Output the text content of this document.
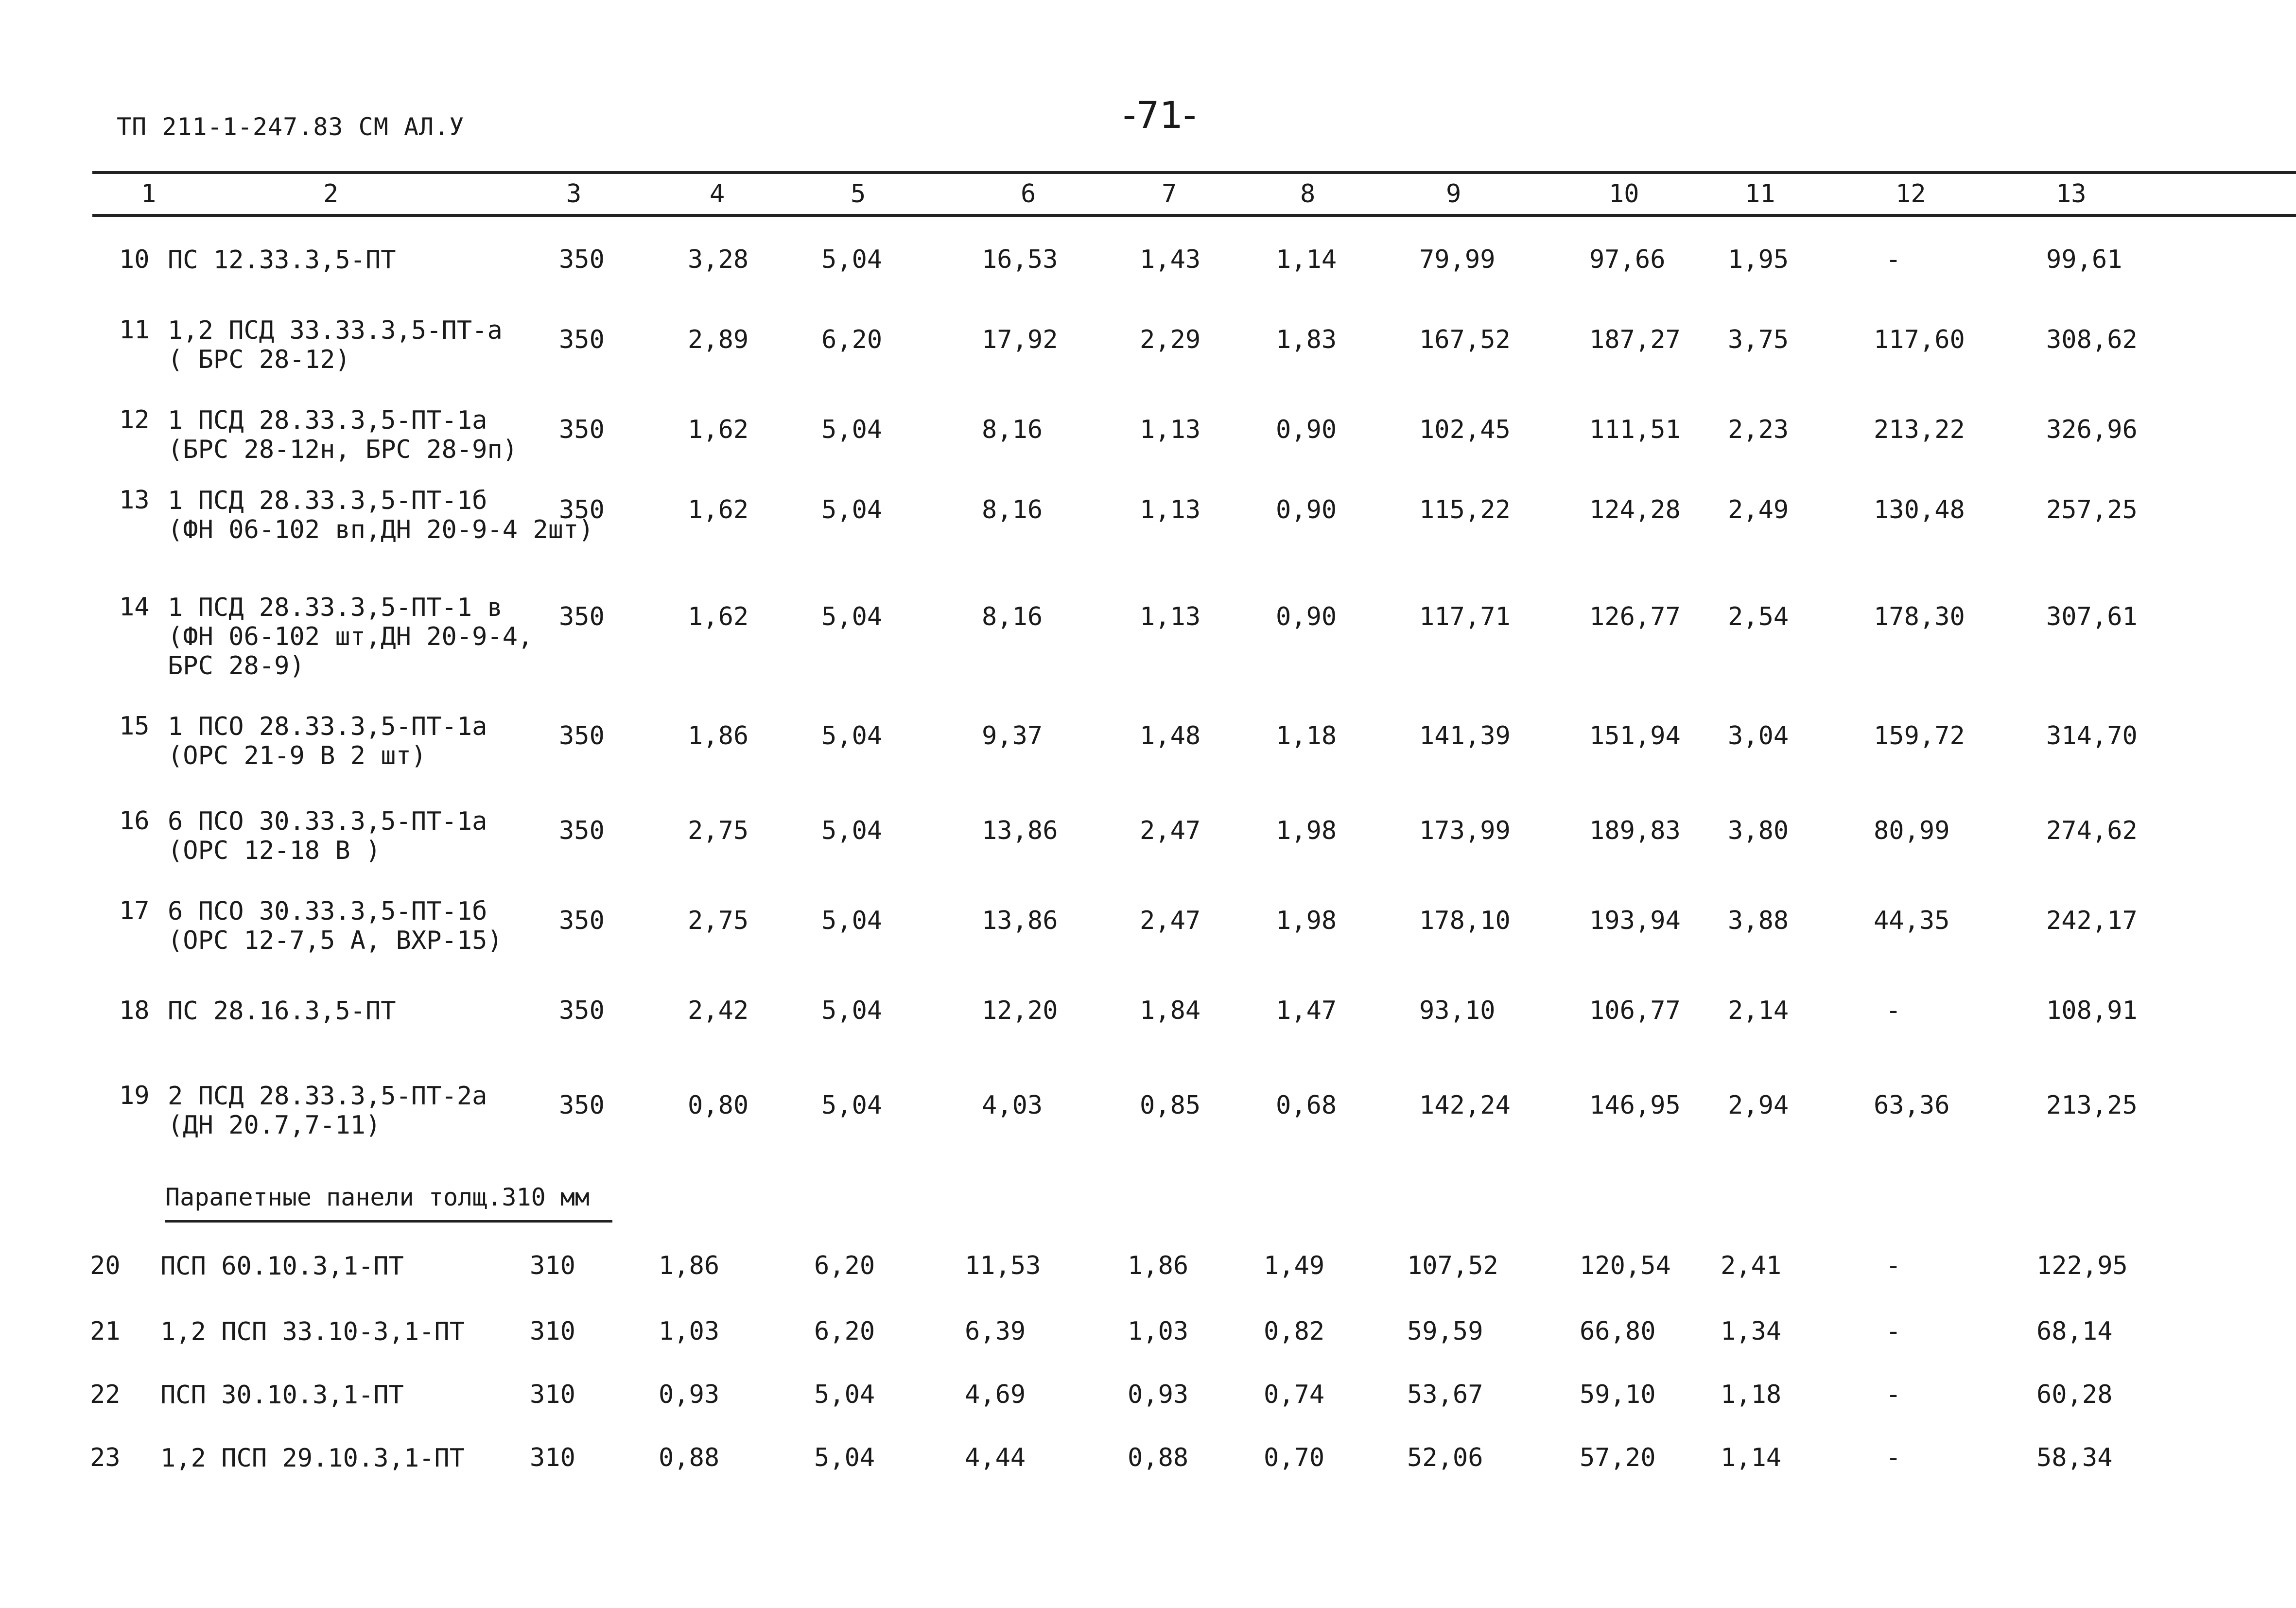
ТП 211-1-247.83 СМ АЛ.У	-71-
1	2	3	4	5	6	7	8	9	10	11	12	13
10 ПС 12.33.3,5-ПТ	350	3,28	5,04	16,53	1,43	1,14	79,99	97,66 1,95	-	99,61
11 1,2 ПСД 33.33.3,5-ПТ-а
( БРС 28-12)
350	2,89	6,20	17,92	2,29	1,83	167,52	187,27 3,75	117,60	308,62
12 1 ПСД 28.33.3,5-ПТ-1а
(БРС 28-12н, БРС 28-9п)
350	1,62	5,04	8,16	1,13	0,90	102,45	111,51 2,23	213,22	326,96
13 1 ПСД 28.33.3,5-ПТ-1б
(ФН 06-102 вп,ДН 20-9-4 2шт)
350	1,62	5,04	8,16	1,13	0,90	115,22	124,28 2,49	130,48	257,25
14 1 ПСД 28.33.3,5-ПТ-1 в
(ФН 06-102 шт,ДН 20-9-4,
БРС 28-9)
350	1,62	5,04	8,16	1,13	0,90	117,71	126,77 2,54	178,30	307,61
15 1 ПСО 28.33.3,5-ПТ-1а
(ОРС 21-9 В 2 шт)
350	1,86	5,04	9,37	1,48	1,18	141,39	151,94 3,04	159,72	314,70
16 6 ПСО 30.33.3,5-ПТ-1а
(ОРС 12-18 В )
350	2,75	5,04	13,86	2,47	1,98	173,99	189,83 3,80	80,99	274,62
17 6 ПСО 30.33.3,5-ПТ-1б
(ОРС 12-7,5 А, ВХР-15)
350	2,75	5,04	13,86	2,47	1,98	178,10	193,94 3,88	44,35	242,17
18 ПС 28.16.3,5-ПТ	350	2,42	5,04	12,20	1,84	1,47	93,10	106,77 2,14	-	108,91
19 2 ПСД 28.33.3,5-ПТ-2а
(ДН 20.7,7-11)
350	0,80	5,04	4,03	0,85	0,68	142,24	146,95 2,94	63,36	213,25
20 ПСП 60.10.3,1-ПТ	310	1,86	6,20	11,53	1,86	1,49	107,52	120,54 2,41	-	122,95
21 1,2 ПСП 33.10-3,1-ПТ	310	1,03	6,20	6,39	1,03	0,82	59,59	66,80	1,34	-	68,14
22 ПСП 30.10.3,1-ПТ	310	0,93	5,04	4,69	0,93	0,74	53,67	59,10	1,18	-	60,28
23 1,2 ПСП 29.10.3,1-ПТ	310	0,88	5,04	4,44	0,88	0,70	52,06	57,20	1,14	-	58,34
Парапетные панели толщ.310 мм
